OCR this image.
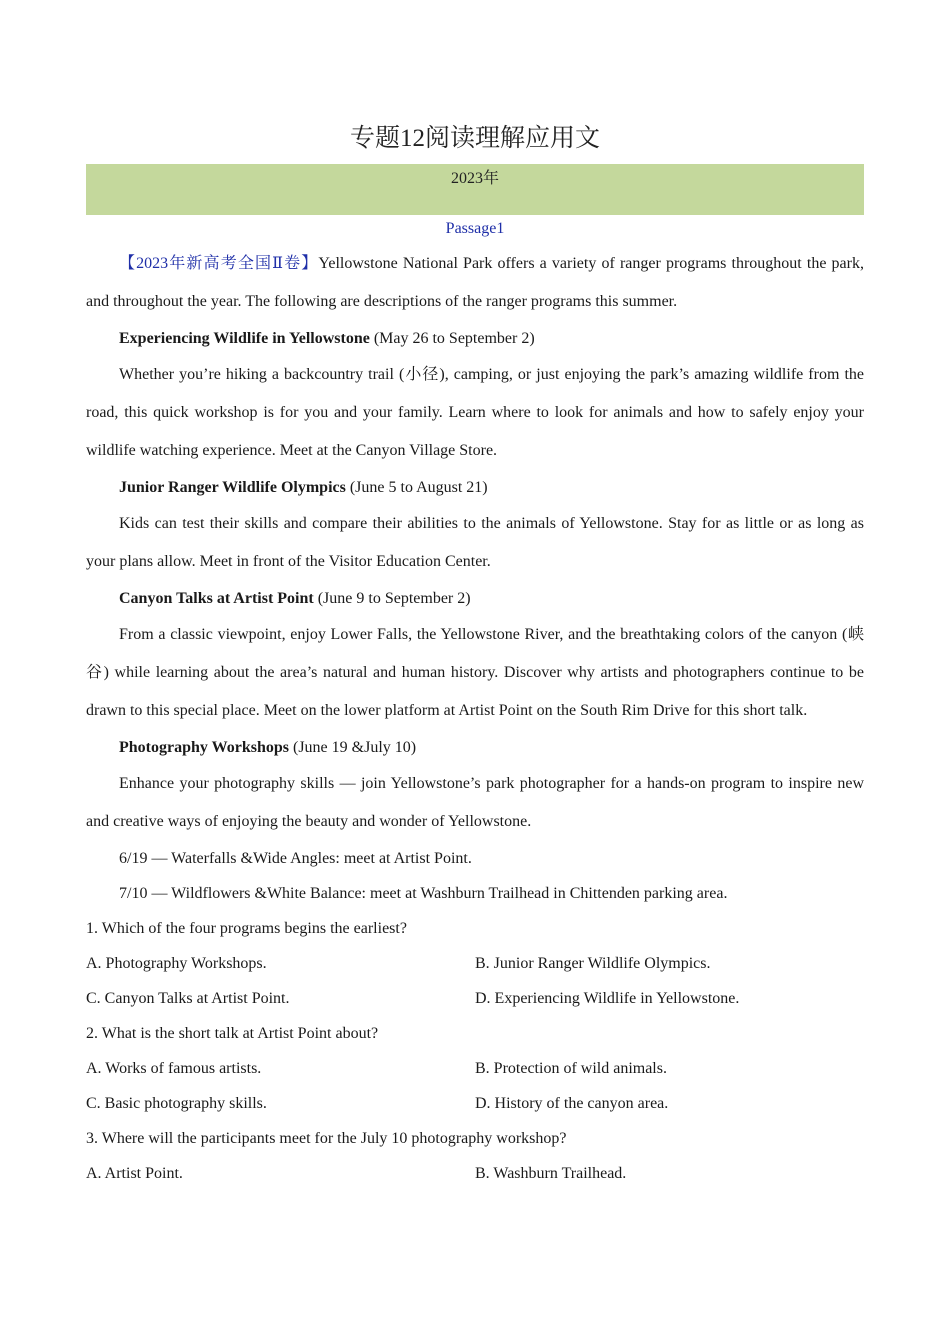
专题12阅读理解应用文
2023年
Passage1

【2023年新高考全国Ⅱ卷】Yellowstone National Park offers a variety of ranger programs throughout the park, and throughout the year. The following are descriptions of the ranger programs this summer.

Experiencing Wildlife in Yellowstone (May 26 to September 2)

Whether you’re hiking a backcountry trail (小径), camping, or just enjoying the park’s amazing wildlife from the road, this quick workshop is for you and your family. Learn where to look for animals and how to safely enjoy your wildlife watching experience. Meet at the Canyon Village Store.

Junior Ranger Wildlife Olympics (June 5 to August 21)

Kids can test their skills and compare their abilities to the animals of Yellowstone. Stay for as little or as long as your plans allow. Meet in front of the Visitor Education Center.

Canyon Talks at Artist Point (June 9 to September 2)

From a classic viewpoint, enjoy Lower Falls, the Yellowstone River, and the breathtaking colors of the canyon (峡谷) while learning about the area’s natural and human history. Discover why artists and photographers continue to be drawn to this special place. Meet on the lower platform at Artist Point on the South Rim Drive for this short talk.

Photography Workshops (June 19 &July 10)

Enhance your photography skills — join Yellowstone’s park photographer for a hands-on program to inspire new and creative ways of enjoying the beauty and wonder of Yellowstone.

6/19 — Waterfalls &Wide Angles: meet at Artist Point.

7/10 — Wildflowers &White Balance: meet at Washburn Trailhead in Chittenden parking area.

1. Which of the four programs begins the earliest?

A. Photography Workshops.	B. Junior Ranger Wildlife Olympics.
C. Canyon Talks at Artist Point.	D. Experiencing Wildlife in Yellowstone.

2. What is the short talk at Artist Point about?

A. Works of famous artists.	B. Protection of wild animals.
C. Basic photography skills.	D. History of the canyon area.

3. Where will the participants meet for the July 10 photography workshop?

A. Artist Point.	B. Washburn Trailhead.
